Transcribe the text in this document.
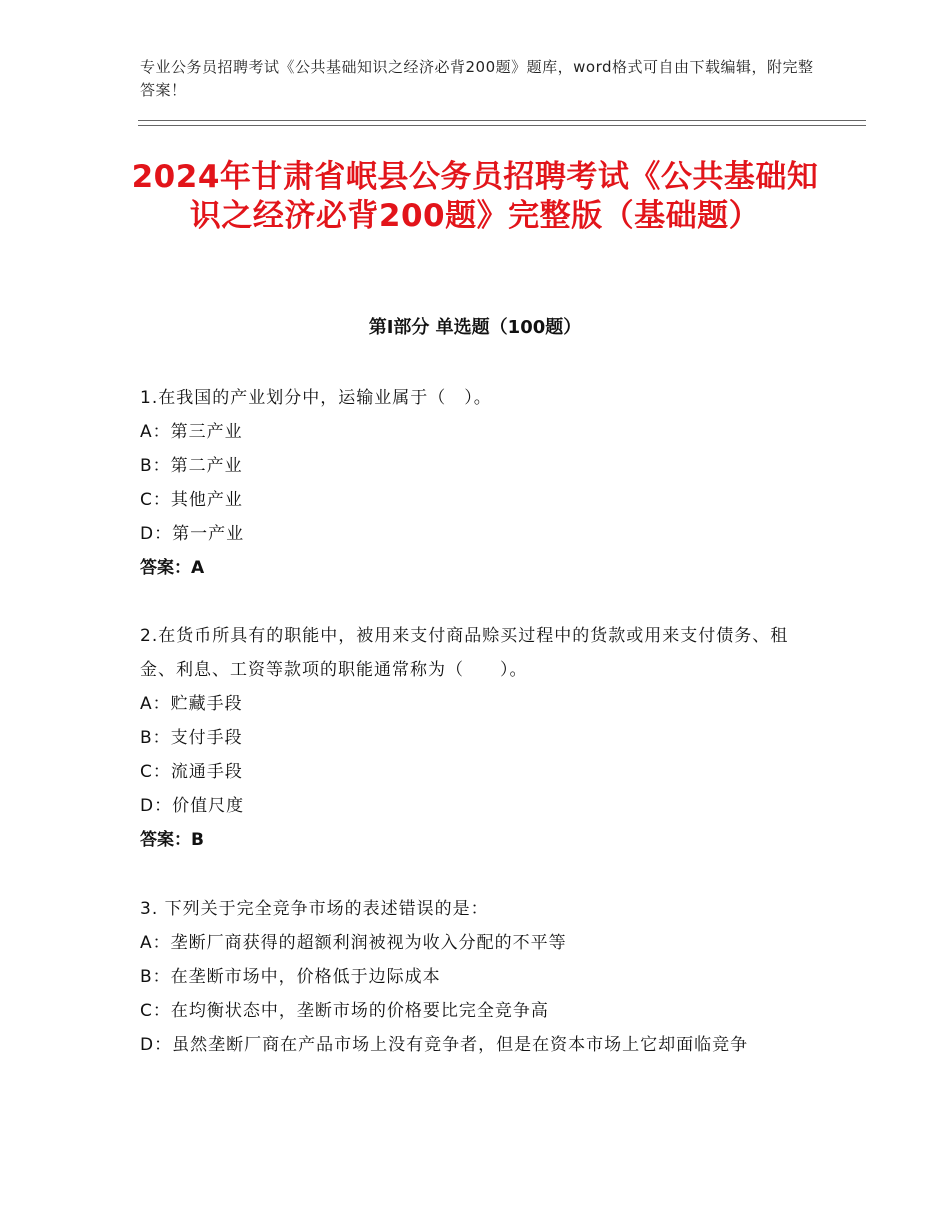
专业公务员招聘考试《公共基础知识之经济必背200题》题库，word格式可自由下载编辑，附完整答案！
2024年甘肃省岷县公务员招聘考试《公共基础知识之经济必背200题》完整版（基础题）
第Ⅰ部分 单选题（100题）
1.在我国的产业划分中，运输业属于（　）。
A：第三产业
B：第二产业
C：其他产业
D：第一产业
答案：A
2.在货币所具有的职能中，被用来支付商品赊买过程中的货款或用来支付债务、租金、利息、工资等款项的职能通常称为（　　）。
A：贮藏手段
B：支付手段
C：流通手段
D：价值尺度
答案：B
3. 下列关于完全竞争市场的表述错误的是：
A：垄断厂商获得的超额利润被视为收入分配的不平等
B：在垄断市场中，价格低于边际成本
C：在均衡状态中，垄断市场的价格要比完全竞争高
D：虽然垄断厂商在产品市场上没有竞争者，但是在资本市场上它却面临竞争
